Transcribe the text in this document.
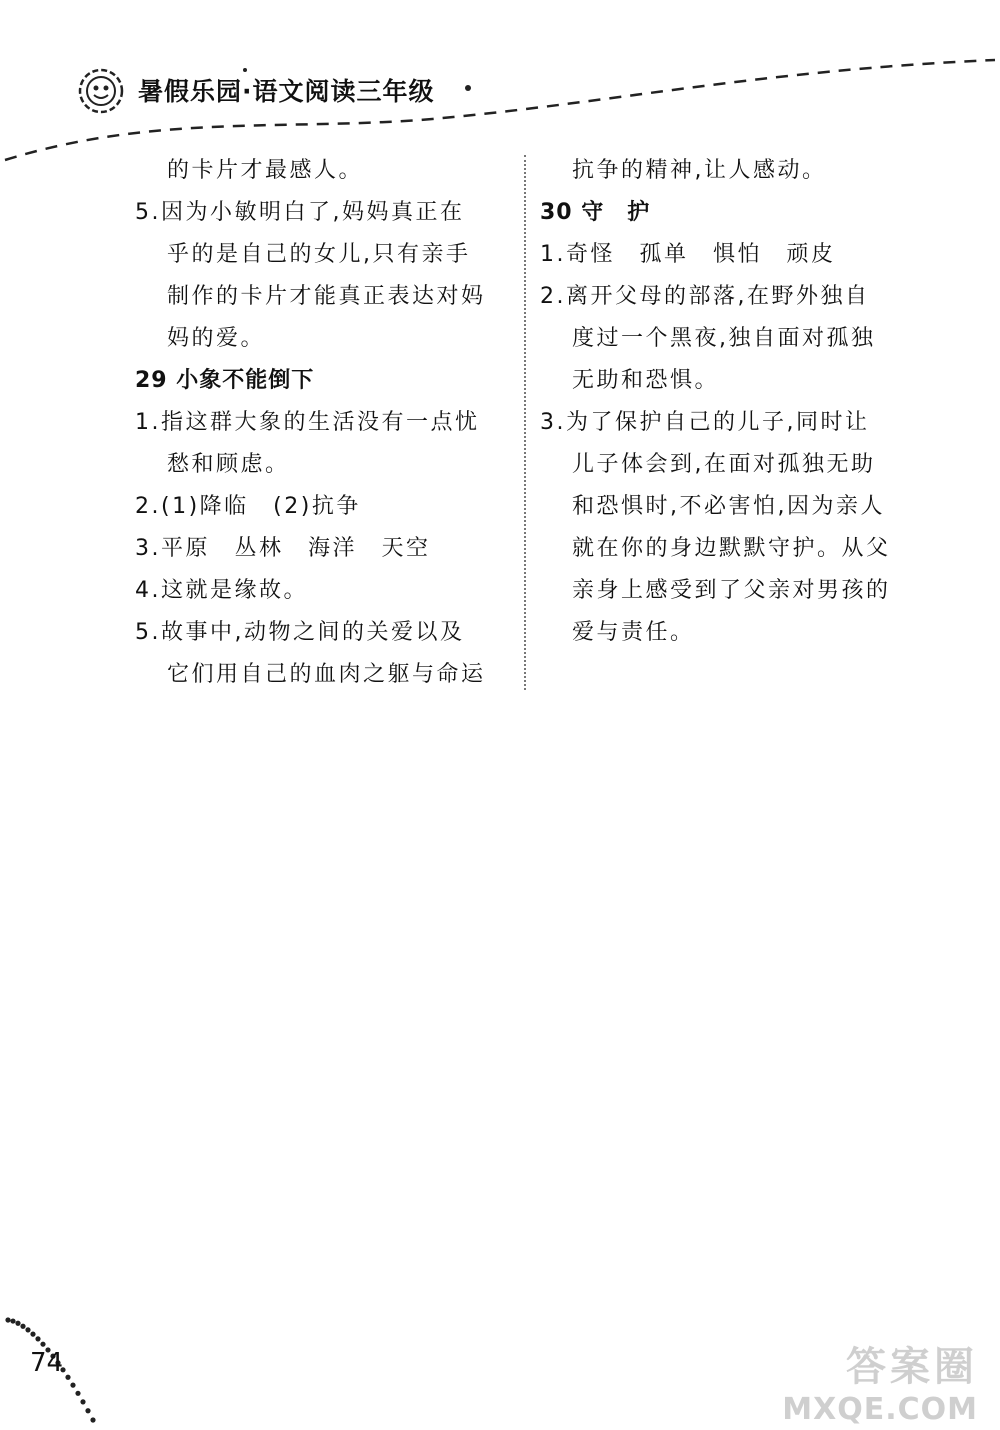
暑假乐园·语文阅读三年级
的卡片才最感人。
5.因为小敏明白了,妈妈真正在
乎的是自己的女儿,只有亲手
制作的卡片才能真正表达对妈
妈的爱。
29 小象不能倒下
1.指这群大象的生活没有一点忧
愁和顾虑。
2.(1)降临　(2)抗争
3.平原　丛林　海洋　天空
4.这就是缘故。
5.故事中,动物之间的关爱以及
它们用自己的血肉之躯与命运
抗争的精神,让人感动。
30 守　护
1.奇怪　孤单　惧怕　顽皮
2.离开父母的部落,在野外独自
度过一个黑夜,独自面对孤独
无助和恐惧。
3.为了保护自己的儿子,同时让
儿子体会到,在面对孤独无助
和恐惧时,不必害怕,因为亲人
就在你的身边默默守护。从父
亲身上感受到了父亲对男孩的
爱与责任。
74	答案圈
MXQE.COM
